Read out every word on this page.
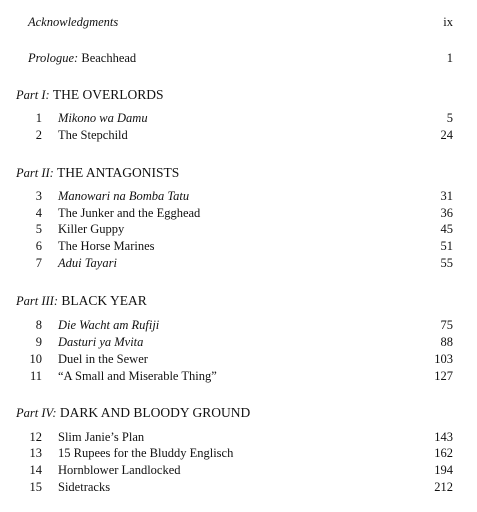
Acknowledgments	ix
Prologue: Beachhead	1
Part I: THE OVERLORDS
1 Mikono wa Damu	5
2 The Stepchild	24
Part II: THE ANTAGONISTS
3 Manowari na Bomba Tatu	31
4 The Junker and the Egghead	36
5 Killer Guppy	45
6 The Horse Marines	51
7 Adui Tayari	55
Part III: BLACK YEAR
8 Die Wacht am Rufiji	75
9 Dasturi ya Mvita	88
10 Duel in the Sewer	103
11 “A Small and Miserable Thing”	127
Part IV: DARK AND BLOODY GROUND
12 Slim Janie’s Plan	143
13 15 Rupees for the Bluddy Englisch	162
14 Hornblower Landlocked	194
15 Sidetracks	212
